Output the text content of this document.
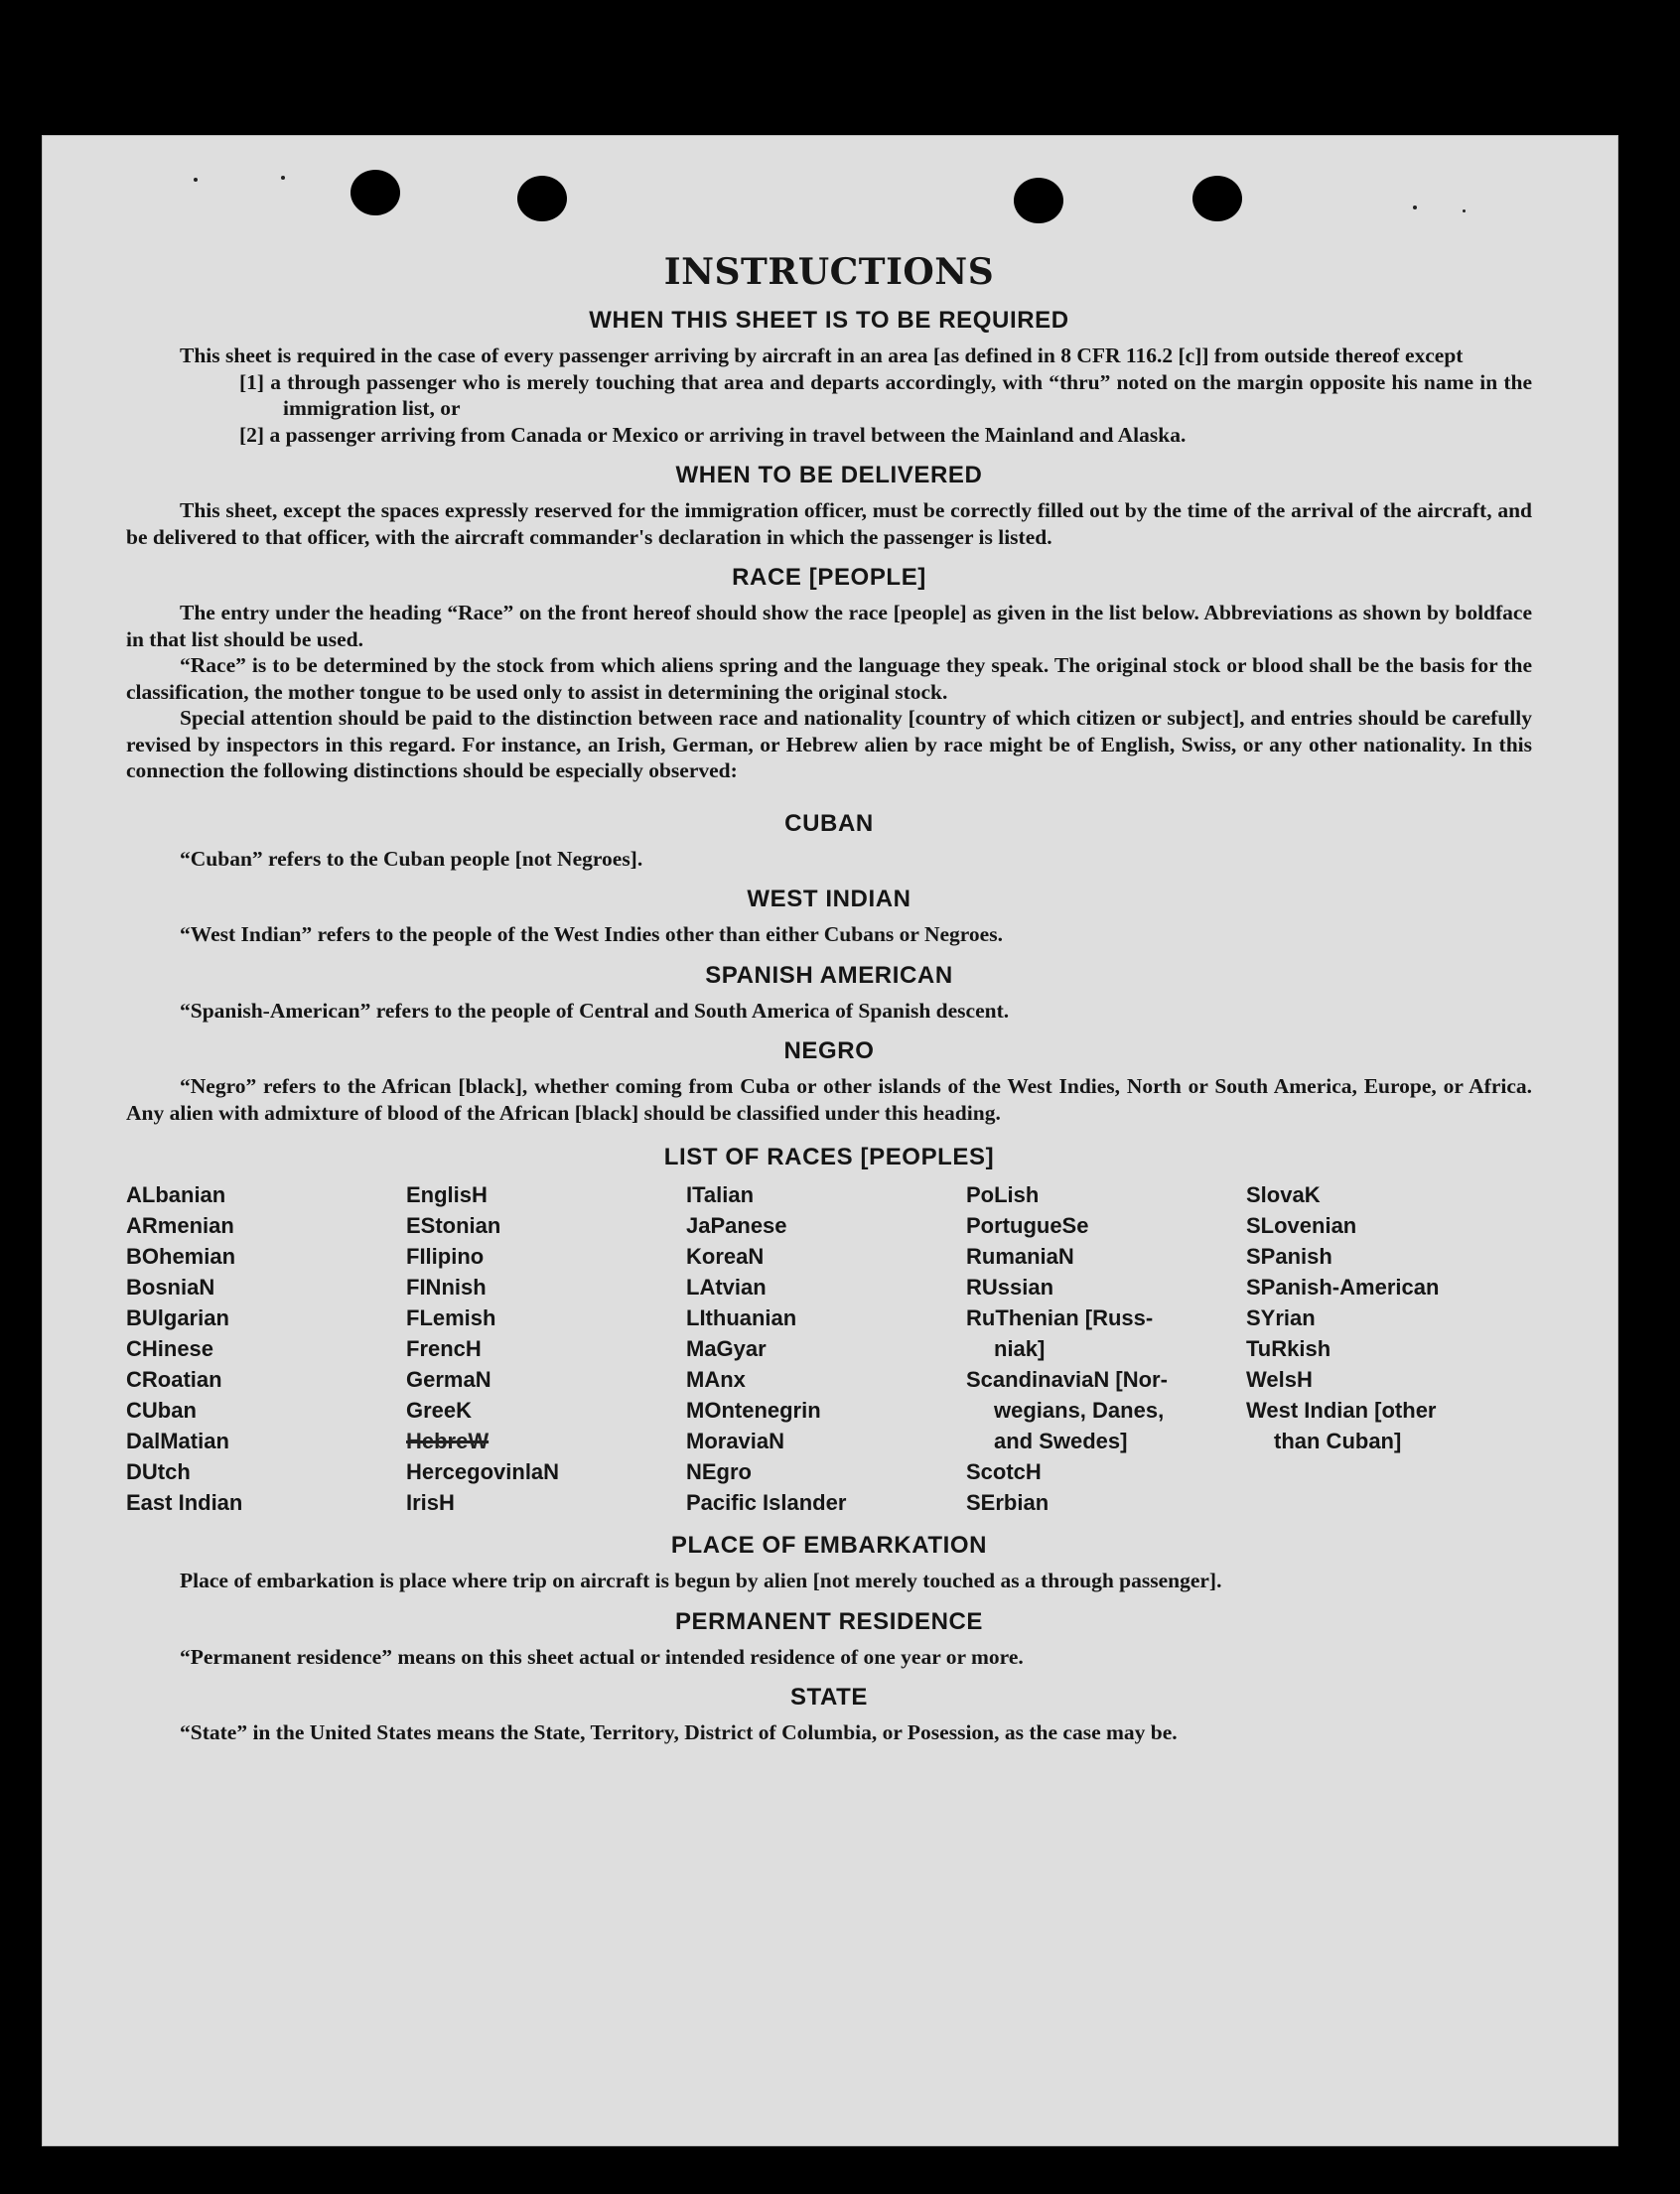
INSTRUCTIONS
WHEN THIS SHEET IS TO BE REQUIRED

This sheet is required in the case of every passenger arriving by aircraft in an area [as defined in 8 CFR 116.2 [c]] from outside thereof except

[1] a through passenger who is merely touching that area and departs accordingly, with “thru” noted on the margin opposite his name in the immigration list, or

[2] a passenger arriving from Canada or Mexico or arriving in travel between the Mainland and Alaska.

WHEN TO BE DELIVERED

This sheet, except the spaces expressly reserved for the immigration officer, must be correctly filled out by the time of the arrival of the aircraft, and be delivered to that officer, with the aircraft commander's declaration in which the passenger is listed.

RACE [PEOPLE]

The entry under the heading “Race” on the front hereof should show the race [people] as given in the list below. Abbreviations as shown by boldface in that list should be used.

“Race” is to be determined by the stock from which aliens spring and the language they speak. The original stock or blood shall be the basis for the classification, the mother tongue to be used only to assist in determining the original stock.

Special attention should be paid to the distinction between race and nationality [country of which citizen or subject], and entries should be carefully revised by inspectors in this regard. For instance, an Irish, German, or Hebrew alien by race might be of English, Swiss, or any other nationality. In this connection the following distinctions should be especially observed:

CUBAN

“Cuban” refers to the Cuban people [not Negroes].

WEST INDIAN

“West Indian” refers to the people of the West Indies other than either Cubans or Negroes.

SPANISH AMERICAN

“Spanish-American” refers to the people of Central and South America of Spanish descent.

NEGRO

“Negro” refers to the African [black], whether coming from Cuba or other islands of the West Indies, North or South America, Europe, or Africa. Any alien with admixture of blood of the African [black] should be classified under this heading.

LIST OF RACES [PEOPLES]
ALbanian
ARmenian
BOhemian
BosniaN
BUlgarian
CHinese
CRoatian
CUban
DalMatian
DUtch
East Indian
EnglisH
EStonian
FIlipino
FINnish
FLemish
FrencH
GermaN
GreeK
HebreW
HercegovinlaN
IrisH
ITalian
JaPanese
KoreaN
LAtvian
LIthuanian
MaGyar
MAnx
MOntenegrin
MoraviaN
NEgro
Pacific Islander
PoLish
PortugueSe
RumaniaN
RUssian
RuThenian [Russ-
niak]
ScandinaviaN [Nor-
wegians, Danes,
and Swedes]
ScotcH
SErbian
SlovaK
SLovenian
SPanish
SPanish-American
SYrian
TuRkish
WelsH
West Indian [other
than Cuban]
PLACE OF EMBARKATION

Place of embarkation is place where trip on aircraft is begun by alien [not merely touched as a through passenger].

PERMANENT RESIDENCE

“Permanent residence” means on this sheet actual or intended residence of one year or more.

STATE

“State” in the United States means the State, Territory, District of Columbia, or Posession, as the case may be.
